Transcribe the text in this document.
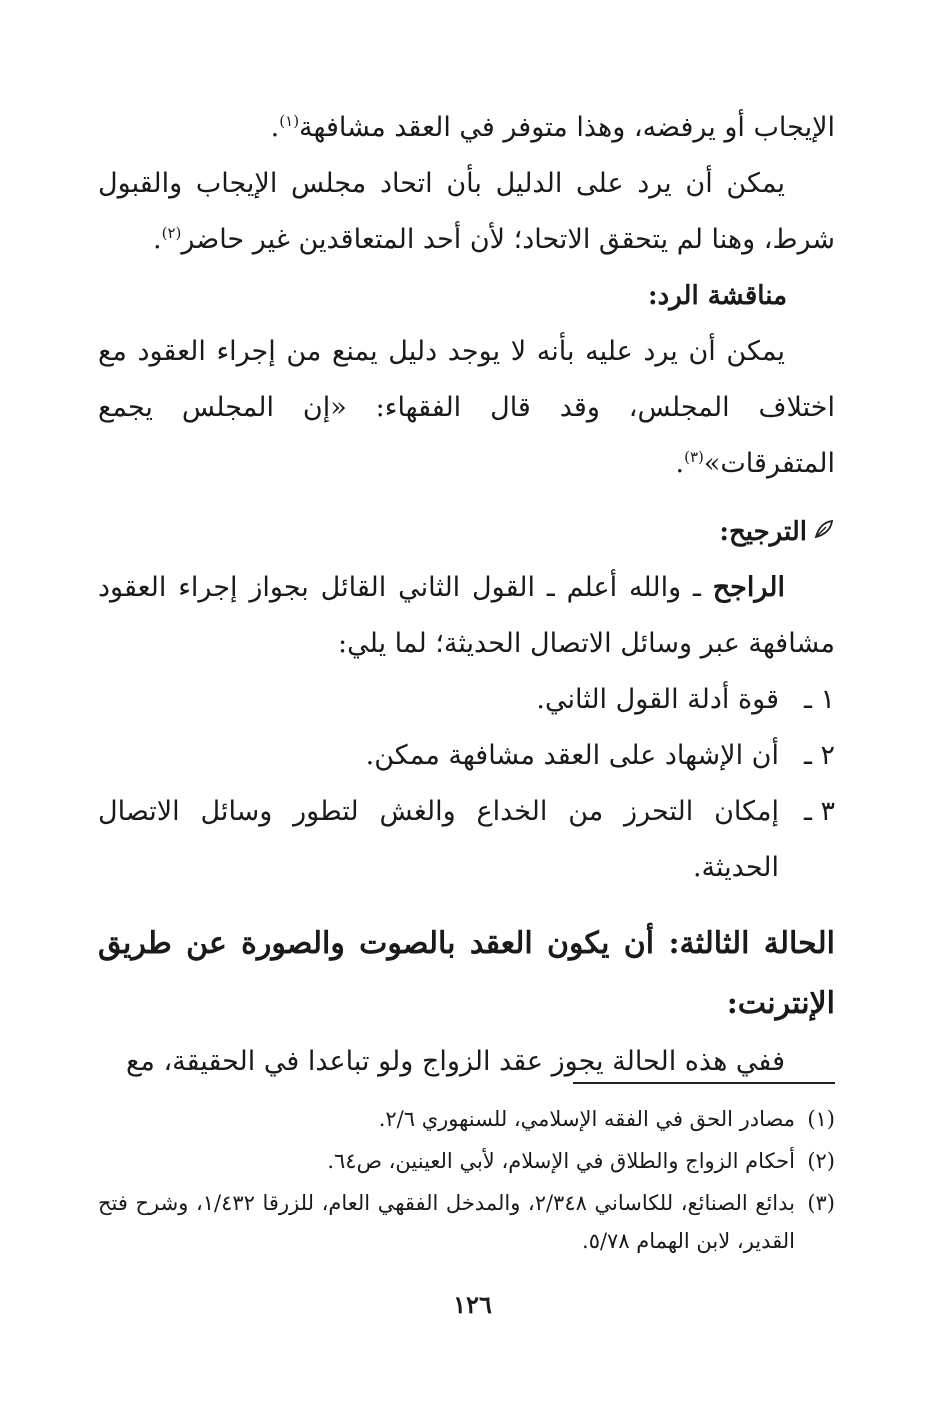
الإيجاب أو يرفضه، وهذا متوفر في العقد مشافهة$^{(١)}$.

يمكن أن يرد على الدليل بأن اتحاد مجلس الإيجاب والقبول شرط، وهنا لم يتحقق الاتحاد؛ لأن أحد المتعاقدين غير حاضر$^{(٢)}$.

مناقشة الرد:

يمكن أن يرد عليه بأنه لا يوجد دليل يمنع من إجراء العقود مع اختلاف المجلس، وقد قال الفقهاء: «إن المجلس يجمع المتفرقات»$^{(٣)}$.

الترجيح:

الراجح ـ والله أعلم ـ القول الثاني القائل بجواز إجراء العقود مشافهة عبر وسائل الاتصال الحديثة؛ لما يلي:

١ ـ
قوة أدلة القول الثاني.
٢ ـ
أن الإشهاد على العقد مشافهة ممكن.
٣ ـ
إمكان التحرز من الخداع والغش لتطور وسائل الاتصال الحديثة.

الحالة الثالثة: أن يكون العقد بالصوت والصورة عن طريق الإنترنت:

ففي هذه الحالة يجوز عقد الزواج ولو تباعدا في الحقيقة، مع

(١)
مصادر الحق في الفقه الإسلامي، للسنهوري ٢/٦.
(٢)
أحكام الزواج والطلاق في الإسلام، لأبي العينين، ص٦٤.
(٣)
بدائع الصنائع، للكاساني ٢/٣٤٨، والمدخل الفقهي العام، للزرقا ١/٤٣٢، وشرح فتح القدير، لابن الهمام ٥/٧٨.
١٢٦
